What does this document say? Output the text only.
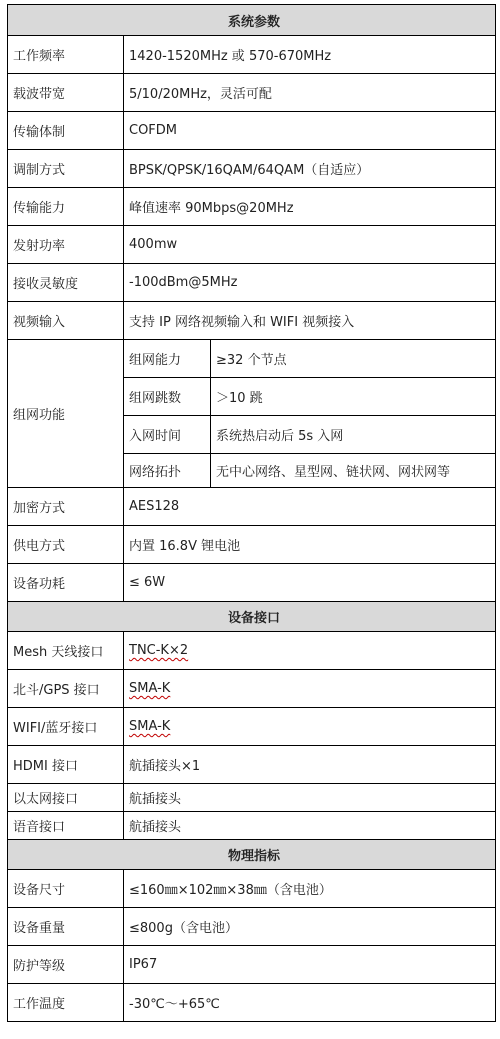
系统参数		
工作频率	1420-1520MHz 或 570-670MHz	
载波带宽	5/10/20MHz，灵活可配	
传输体制	COFDM	
调制方式	BPSK/QPSK/16QAM/64QAM（自适应）	
传输能力	峰值速率 90Mbps@20MHz	
发射功率	400mw	
接收灵敏度	-100dBm@5MHz	
视频输入	支持 IP 网络视频输入和 WIFI 视频接入	
组网功能	组网能力	≥32 个节点
	组网跳数	＞10 跳
	入网时间	系统热启动后 5s 入网
	网络拓扑	无中心网络、星型网、链状网、网状网等
加密方式	AES128	
供电方式	内置 16.8V 锂电池	
设备功耗	≤ 6W	
设备接口		
Mesh 天线接口	TNC-K×2	
北斗/GPS 接口	SMA-K	
WIFI/蓝牙接口	SMA-K	
HDMI 接口	航插接头×1	
以太网接口	航插接头	
语音接口	航插接头	
物理指标		
设备尺寸	≤160㎜×102㎜×38㎜（含电池）	
设备重量	≤800g（含电池）	
防护等级	IP67	
工作温度	-30℃～+65℃	
